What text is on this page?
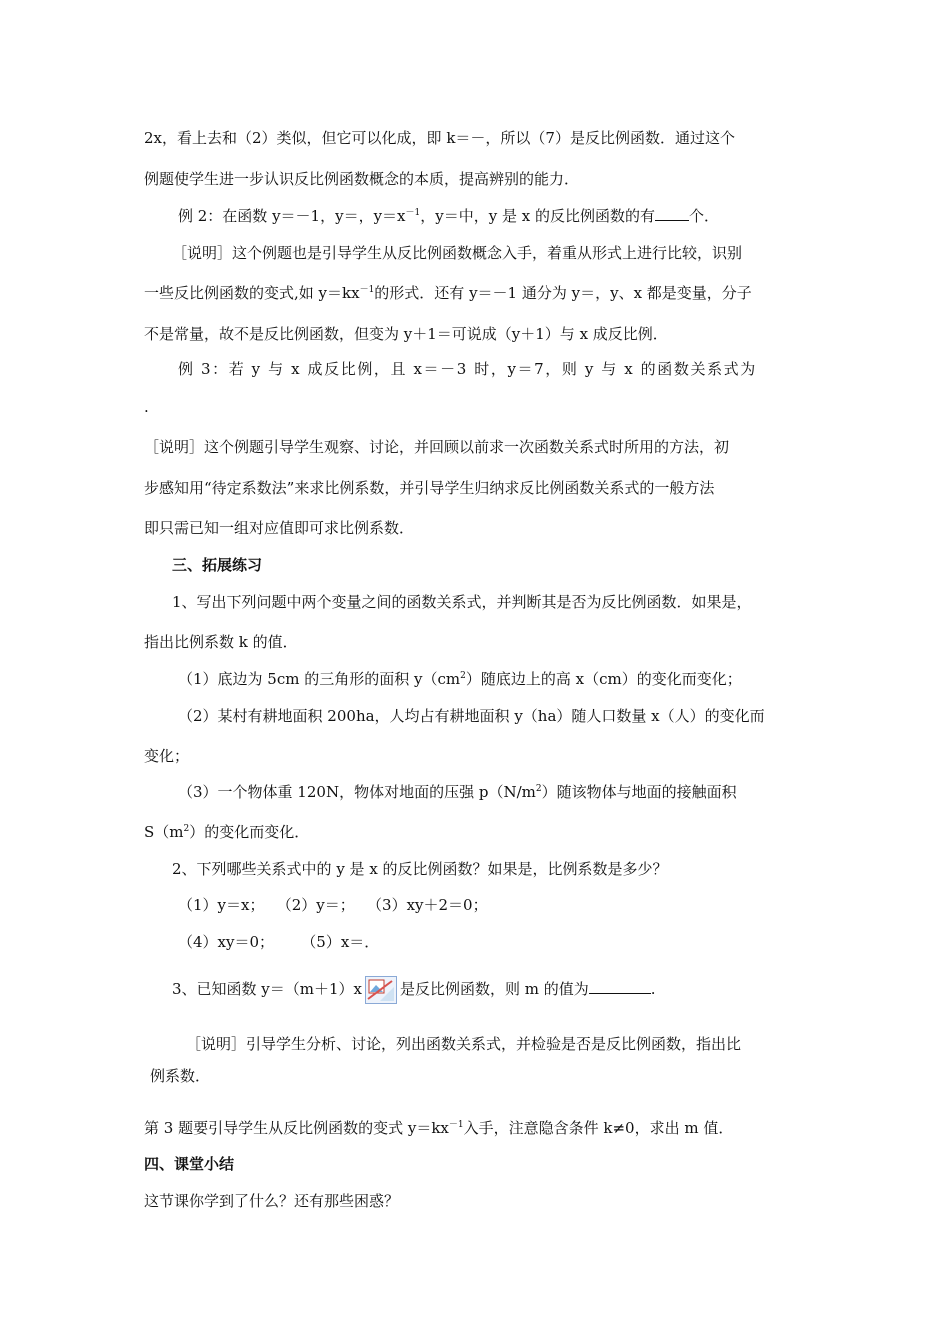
2x，看上去和（2）类似，但它可以化成，即 k＝－，所以（7）是反比例函数．通过这个
例题使学生进一步认识反比例函数概念的本质，提高辨别的能力．
例 2：在函数 y＝－1，y＝，$y=x^{-1}$，y＝中，y 是 x 的反比例函数的有 个．
［说明］这个例题也是引导学生从反比例函数概念入手，着重从形式上进行比较，识别
一些反比例函数的变式,如 $y=kx^{-1}$的形式．还有 y＝－1 通分为 y＝，y、x 都是变量，分子
不是常量，故不是反比例函数，但变为 y＋1＝可说成（y＋1）与 x 成反比例．
例 3：若 y 与 x 成反比例，且 x＝－3 时，y＝7，则 y 与 x 的函数关系式为
.
［说明］这个例题引导学生观察、讨论，并回顾以前求一次函数关系式时所用的方法，初
步感知用“待定系数法”来求比例系数，并引导学生归纳求反比例函数关系式的一般方法
即只需已知一组对应值即可求比例系数．
三、拓展练习
1、写出下列问题中两个变量之间的函数关系式，并判断其是否为反比例函数．如果是，
指出比例系数 k 的值．
（1）底边为 5cm 的三角形的面积 $y(cm^2)$随底边上的高 x（cm）的变化而变化；
（2）某村有耕地面积 200ha，人均占有耕地面积 y（ha）随人口数量 x（人）的变化而
变化；
（3）一个物体重 120N，物体对地面的压强 $p(N/m^2)$随该物体与地面的接触面积
$S(m^2)$的变化而变化．
2、下列哪些关系式中的 y 是 x 的反比例函数？如果是，比例系数是多少？
（1）y＝x；　 （2）y＝；　 （3）xy＋2＝0；
（4）xy＝0；　　 （5）x＝．
3、已知函数 y＝（m＋1）x	是反比例函数，则 m 的值为	.
［说明］引导学生分析、讨论，列出函数关系式，并检验是否是反比例函数，指出比
例系数．
第 3 题要引导学生从反比例函数的变式 $y=kx^{-1}$入手，注意隐含条件 k≠0，求出 m 值．
四、课堂小结
这节课你学到了什么？还有那些困惑？
